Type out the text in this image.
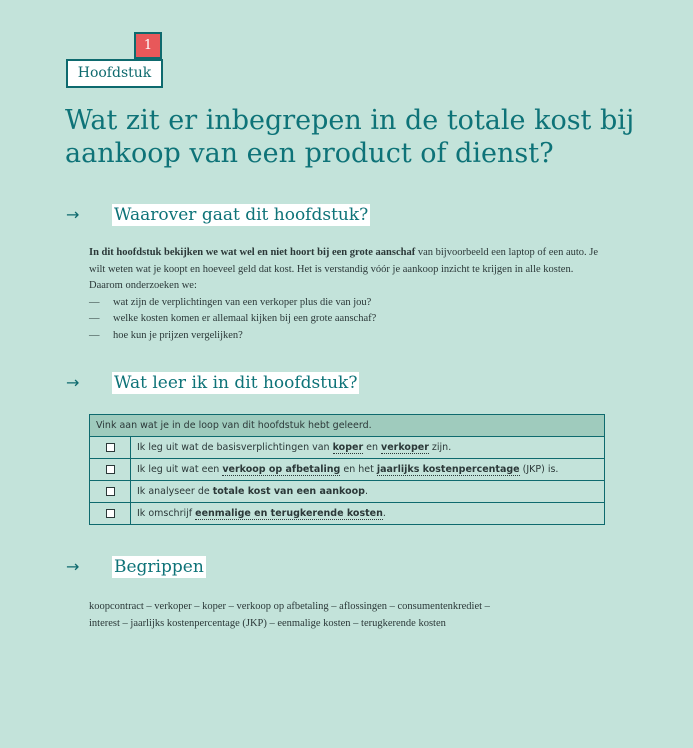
1
Hoofdstuk
Wat zit er inbegrepen in de totale kost bij aankoop van een product of dienst?
→ Waarover gaat dit hoofdstuk?

In dit hoofdstuk bekijken we wat wel en niet hoort bij een grote aanschaf van bijvoorbeeld een laptop of een auto. Je wilt weten wat je koopt en hoeveel geld dat kost. Het is verstandig vóór je aankoop inzicht te krijgen in alle kosten. Daarom onderzoeken we:

— wat zijn de verplichtingen van een verkoper plus die van jou?
— welke kosten komen er allemaal kijken bij een grote aanschaf?
— hoe kun je prijzen vergelijken?
→ Wat leer ik in dit hoofdstuk?
Vink aan wat je in de loop van dit hoofdstuk hebt geleerd.	
	Ik leg uit wat de basisverplichtingen van koper en verkoper zijn.
	Ik leg uit wat een verkoop op afbetaling en het jaarlijks kostenpercentage (JKP) is.
	Ik analyseer de totale kost van een aankoop.
	Ik omschrijf eenmalige en terugkerende kosten.
→ Begrippen
koopcontract – verkoper – koper – verkoop op afbetaling – aflossingen – consumentenkrediet – interest – jaarlijks kostenpercentage (JKP) – eenmalige kosten – terugkerende kosten
